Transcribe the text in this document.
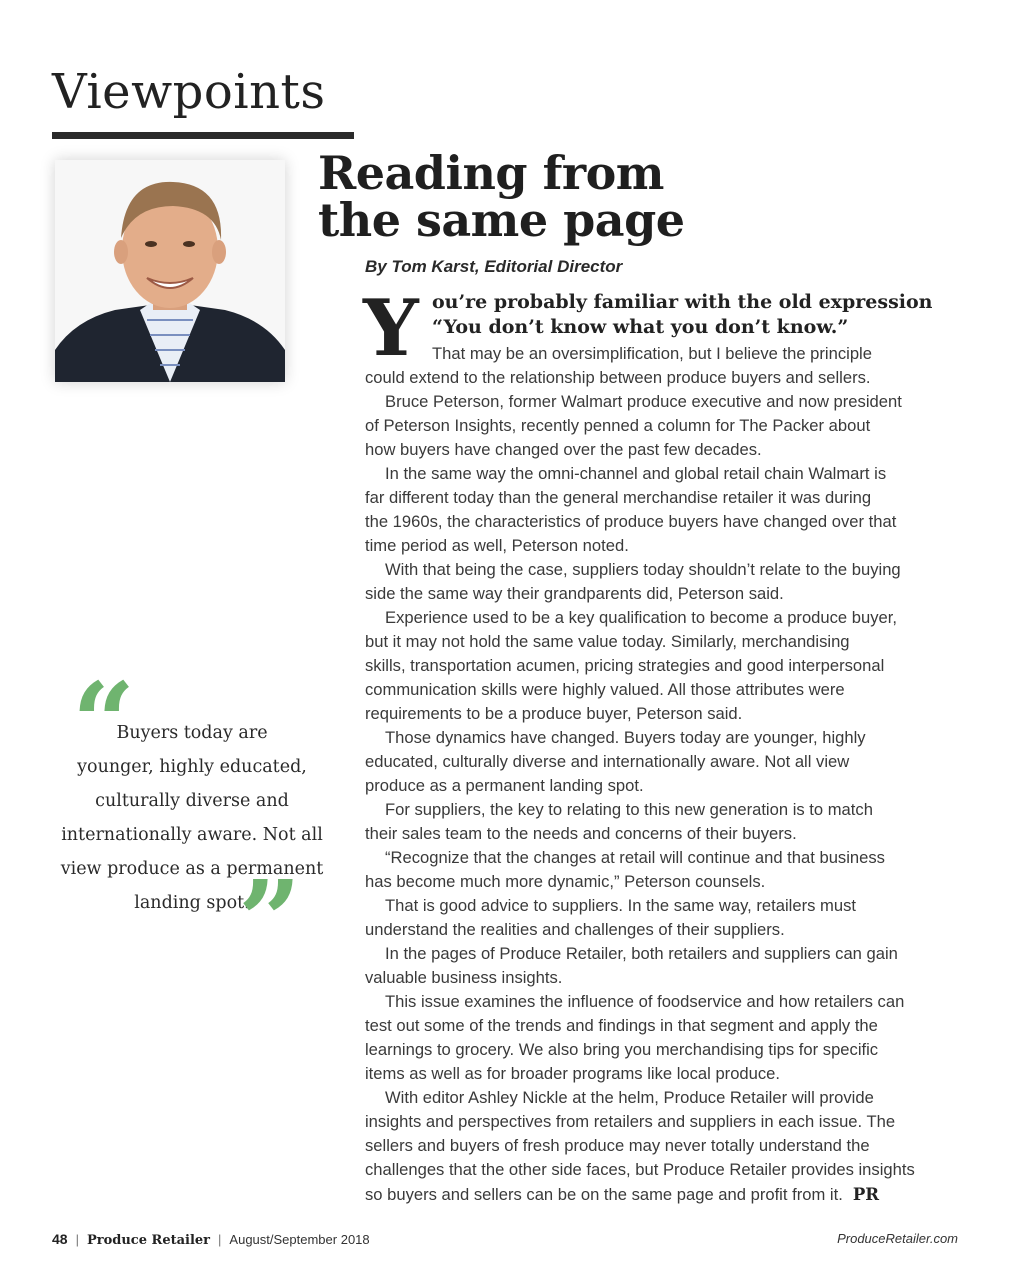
Viewpoints
Reading from
the same page
By Tom Karst, Editorial Director
Y ou’re probably familiar with the old expression
“You don’t know what you don’t know.”
That may be an oversimplification, but I believe the principle
could extend to the relationship between produce buyers and sellers.
Bruce Peterson, former Walmart produce executive and now president
of Peterson Insights, recently penned a column for The Packer about
how buyers have changed over the past few decades.
In the same way the omni-channel and global retail chain Walmart is
far different today than the general merchandise retailer it was during
the 1960s, the characteristics of produce buyers have changed over that
time period as well, Peterson noted.
With that being the case, suppliers today shouldn’t relate to the buying
side the same way their grandparents did, Peterson said.
Experience used to be a key qualification to become a produce buyer,
but it may not hold the same value today. Similarly, merchandising
skills, transportation acumen, pricing strategies and good interpersonal
communication skills were highly valued. All those attributes were
requirements to be a produce buyer, Peterson said.
Those dynamics have changed. Buyers today are younger, highly
educated, culturally diverse and internationally aware. Not all view
produce as a permanent landing spot.
For suppliers, the key to relating to this new generation is to match
their sales team to the needs and concerns of their buyers.
“Recognize that the changes at retail will continue and that business
has become much more dynamic,” Peterson counsels.
That is good advice to suppliers. In the same way, retailers must
understand the realities and challenges of their suppliers.
In the pages of Produce Retailer, both retailers and suppliers can gain
valuable business insights.
This issue examines the influence of foodservice and how retailers can
test out some of the trends and findings in that segment and apply the
learnings to grocery. We also bring you merchandising tips for specific
items as well as for broader programs like local produce.
With editor Ashley Nickle at the helm, Produce Retailer will provide
insights and perspectives from retailers and suppliers in each issue. The
sellers and buyers of fresh produce may never totally understand the
challenges that the other side faces, but Produce Retailer provides insights
so buyers and sellers can be on the same page and profit from it. PR
“
Buyers today are
younger, highly educated,
culturally diverse and
internationally aware. Not all
view produce as a permanent
landing spot.
”
48 | Produce Retailer | August/September 2018	ProduceRetailer.com
